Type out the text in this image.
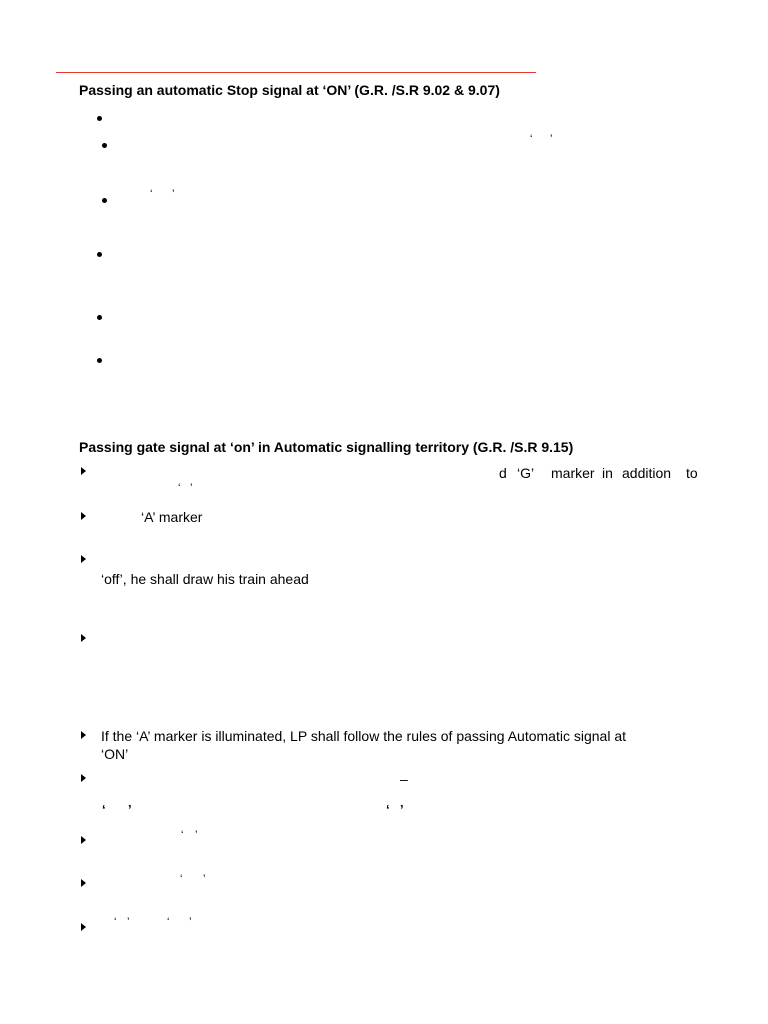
Passing an automatic Stop signal at ‘ON’ (G.R. /S.R 9.02 & 9.07)
‘ ’
‘ ’
Passing gate signal at ‘on’ in Automatic signalling territory (G.R. /S.R 9.15)
d ‘G’ marker in addition to
‘ ’
‘A’ marker
‘off’, he shall draw his train ahead
If the ‘A’ marker is illuminated, LP shall follow the rules of passing Automatic signal at
‘ON’
–
‘ ’	‘ ’
‘ ’
‘ ’
‘ ’	‘ ’
